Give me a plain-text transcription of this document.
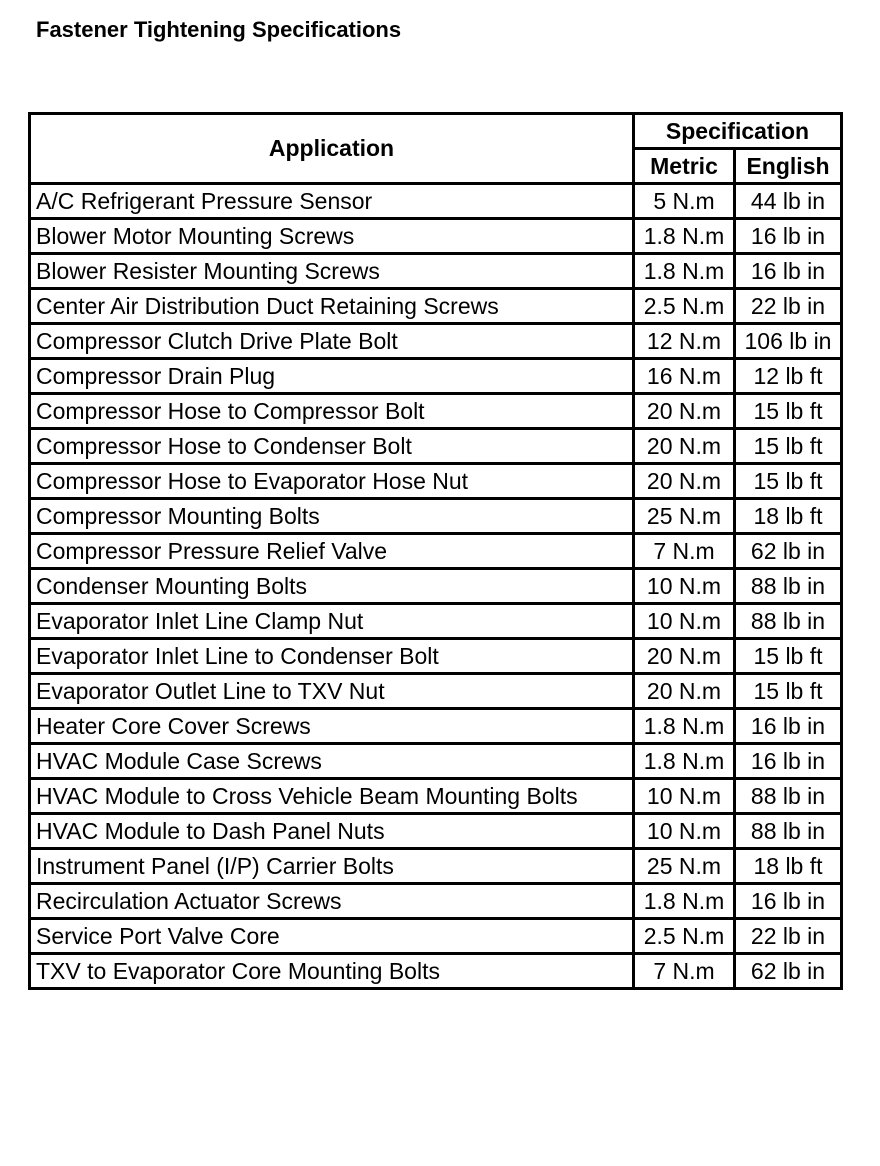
Fastener Tightening Specifications
Application	Specification	
	Metric	English
A/C Refrigerant Pressure Sensor	5 N.m	44 lb in
Blower Motor Mounting Screws	1.8 N.m	16 lb in
Blower Resister Mounting Screws	1.8 N.m	16 lb in
Center Air Distribution Duct Retaining Screws	2.5 N.m	22 lb in
Compressor Clutch Drive Plate Bolt	12 N.m	106 lb in
Compressor Drain Plug	16 N.m	12 lb ft
Compressor Hose to Compressor Bolt	20 N.m	15 lb ft
Compressor Hose to Condenser Bolt	20 N.m	15 lb ft
Compressor Hose to Evaporator Hose Nut	20 N.m	15 lb ft
Compressor Mounting Bolts	25 N.m	18 lb ft
Compressor Pressure Relief Valve	7 N.m	62 lb in
Condenser Mounting Bolts	10 N.m	88 lb in
Evaporator Inlet Line Clamp Nut	10 N.m	88 lb in
Evaporator Inlet Line to Condenser Bolt	20 N.m	15 lb ft
Evaporator Outlet Line to TXV Nut	20 N.m	15 lb ft
Heater Core Cover Screws	1.8 N.m	16 lb in
HVAC Module Case Screws	1.8 N.m	16 lb in
HVAC Module to Cross Vehicle Beam Mounting Bolts	10 N.m	88 lb in
HVAC Module to Dash Panel Nuts	10 N.m	88 lb in
Instrument Panel (I/P) Carrier Bolts	25 N.m	18 lb ft
Recirculation Actuator Screws	1.8 N.m	16 lb in
Service Port Valve Core	2.5 N.m	22 lb in
TXV to Evaporator Core Mounting Bolts	7 N.m	62 lb in
